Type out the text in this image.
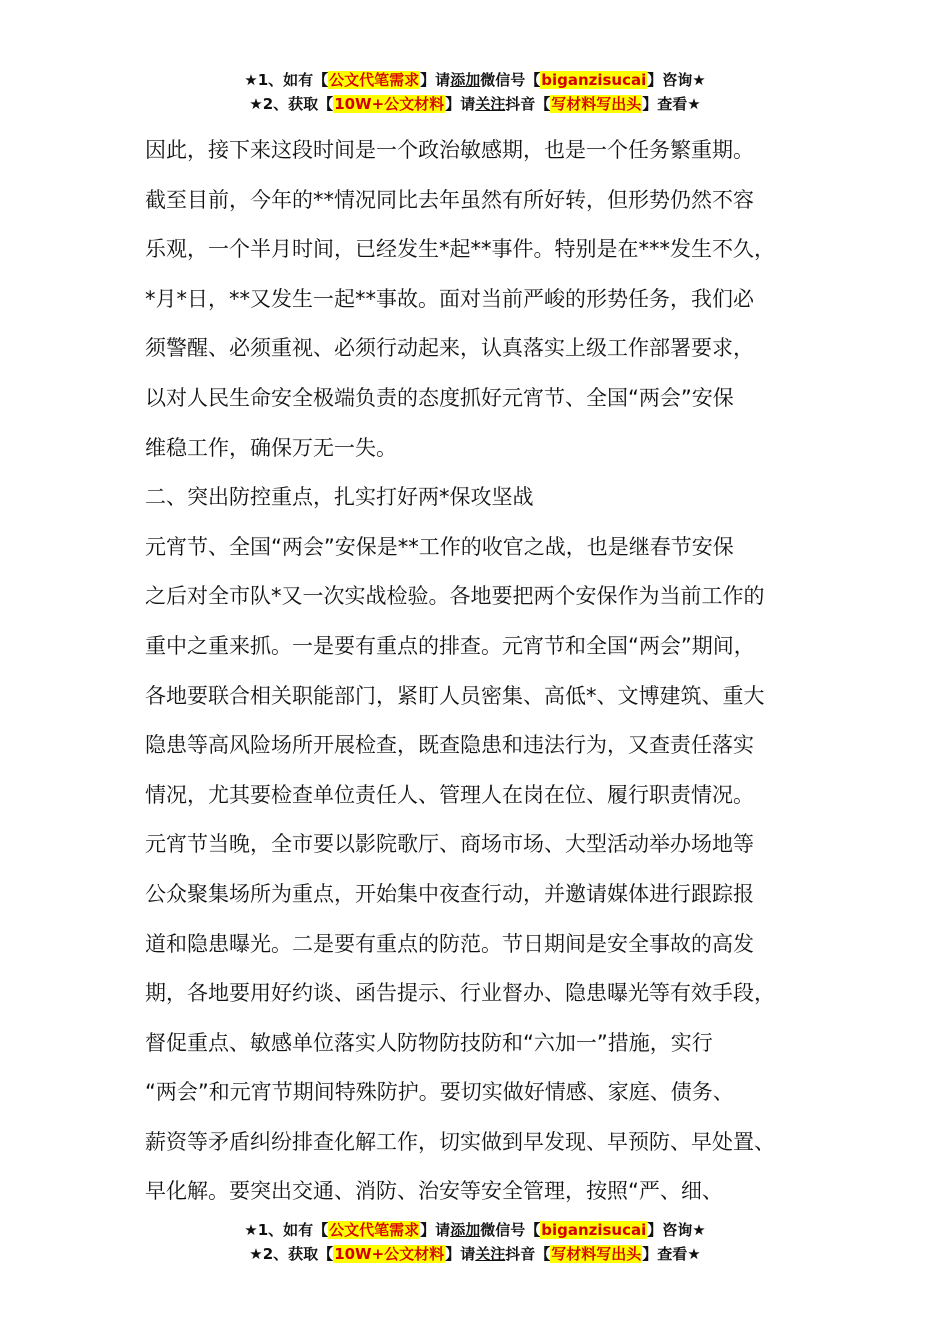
★1、如有【公文代笔需求】请添加微信号【biganzisucai】咨询★
★2、获取【10W+公文材料】请关注抖音【写材料写出头】查看★
因此，接下来这段时间是一个政治敏感期，也是一个任务繁重期。
截至目前，今年的**情况同比去年虽然有所好转，但形势仍然不容
乐观，一个半月时间，已经发生*起**事件。特别是在***发生不久，
*月*日，**又发生一起**事故。面对当前严峻的形势任务，我们必
须警醒、必须重视、必须行动起来，认真落实上级工作部署要求，
以对人民生命安全极端负责的态度抓好元宵节、全国“两会”安保
维稳工作，确保万无一失。
二、突出防控重点，扎实打好两*保攻坚战
元宵节、全国“两会”安保是**工作的收官之战，也是继春节安保
之后对全市队*又一次实战检验。各地要把两个安保作为当前工作的
重中之重来抓。一是要有重点的排查。元宵节和全国“两会”期间，
各地要联合相关职能部门，紧盯人员密集、高低*、文博建筑、重大
隐患等高风险场所开展检查，既查隐患和违法行为，又查责任落实
情况，尤其要检查单位责任人、管理人在岗在位、履行职责情况。
元宵节当晚，全市要以影院歌厅、商场市场、大型活动举办场地等
公众聚集场所为重点，开始集中夜查行动，并邀请媒体进行跟踪报
道和隐患曝光。二是要有重点的防范。节日期间是安全事故的高发
期，各地要用好约谈、函告提示、行业督办、隐患曝光等有效手段，
督促重点、敏感单位落实人防物防技防和“六加一”措施，实行
“两会”和元宵节期间特殊防护。要切实做好情感、家庭、债务、
薪资等矛盾纠纷排查化解工作，切实做到早发现、早预防、早处置、
早化解。要突出交通、消防、治安等安全管理，按照“严、细、
★1、如有【公文代笔需求】请添加微信号【biganzisucai】咨询★
★2、获取【10W+公文材料】请关注抖音【写材料写出头】查看★
